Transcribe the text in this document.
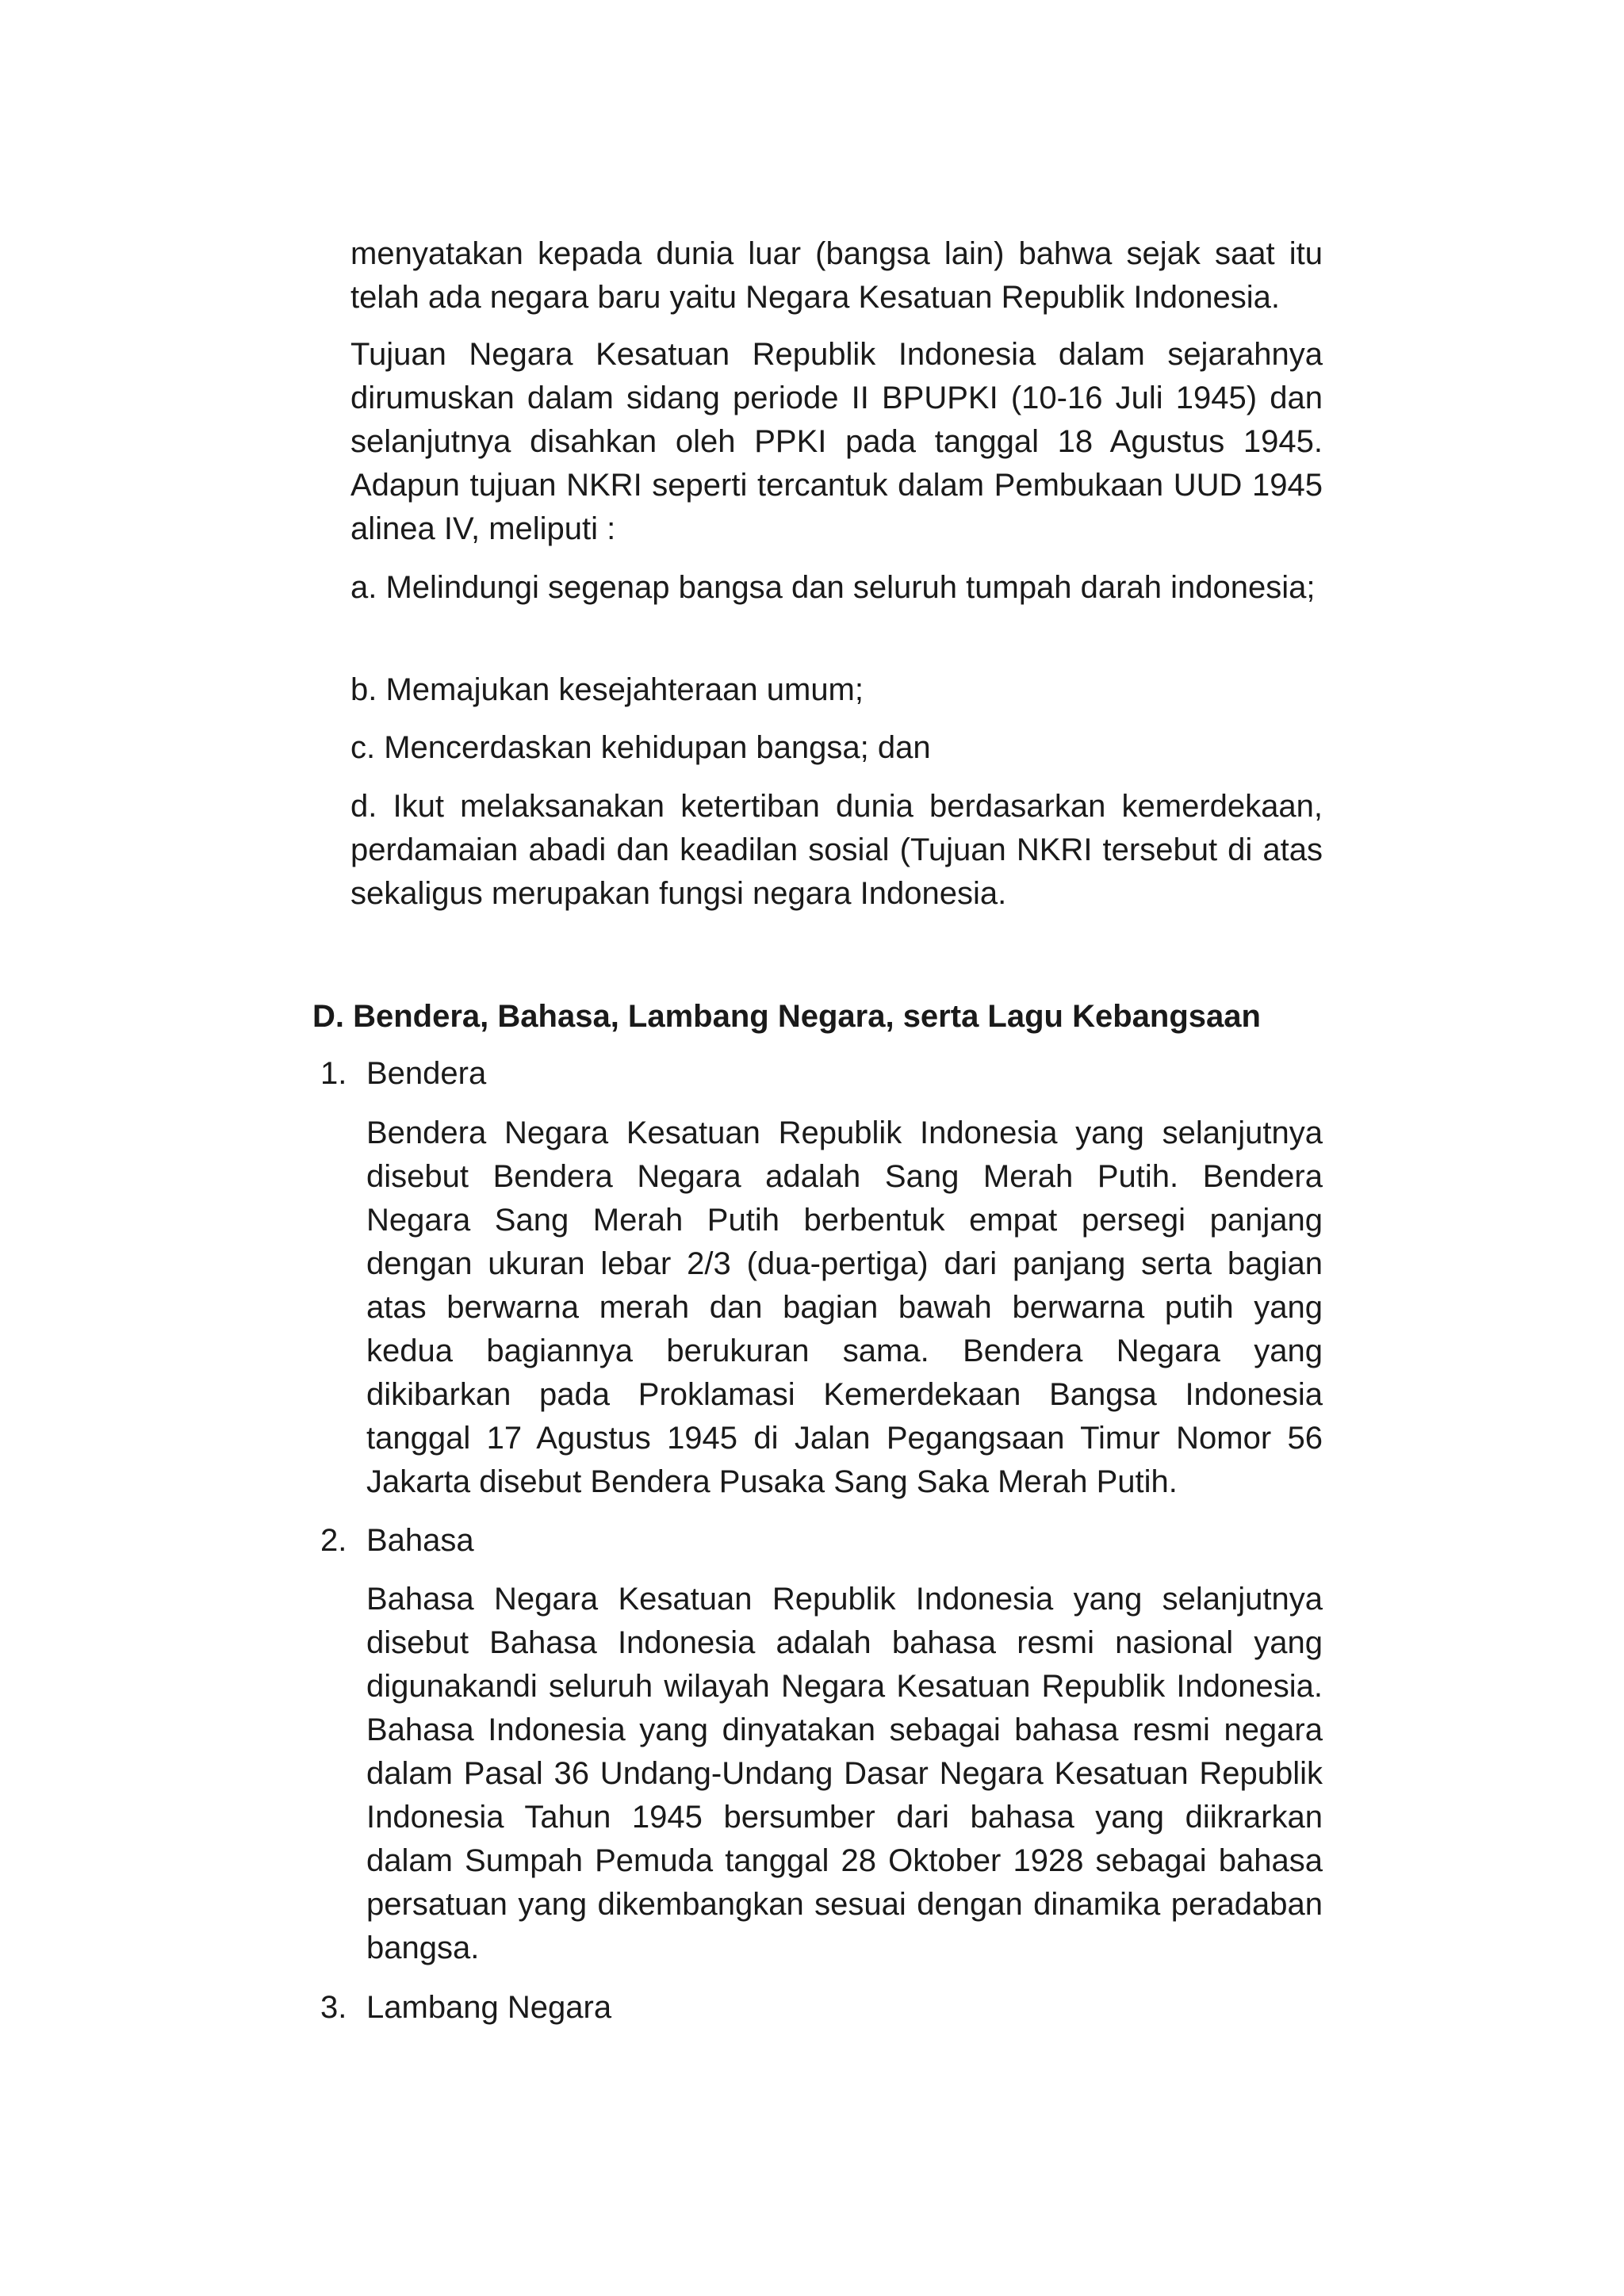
menyatakan kepada dunia luar (bangsa lain) bahwa sejak saat itu telah ada negara baru yaitu Negara Kesatuan Republik Indonesia.

Tujuan Negara Kesatuan Republik Indonesia dalam sejarahnya dirumuskan dalam sidang periode II BPUPKI (10-16 Juli 1945) dan selanjutnya disahkan oleh PPKI pada tanggal 18 Agustus 1945. Adapun tujuan NKRI seperti tercantuk dalam Pembukaan UUD 1945 alinea IV, meliputi :

a. Melindungi segenap bangsa dan seluruh tumpah darah indonesia;

b. Memajukan kesejahteraan umum;

c. Mencerdaskan kehidupan bangsa; dan

d. Ikut melaksanakan ketertiban dunia berdasarkan kemerdekaan, perdamaian abadi dan keadilan sosial (Tujuan NKRI tersebut di atas sekaligus merupakan fungsi negara Indonesia.

D. Bendera, Bahasa, Lambang Negara, serta Lagu Kebangsaan

1. Bendera

Bendera Negara Kesatuan Republik Indonesia yang selanjutnya disebut Bendera Negara adalah Sang Merah Putih. Bendera Negara Sang Merah Putih berbentuk empat persegi panjang dengan ukuran lebar 2/3 (dua-pertiga) dari panjang serta bagian atas berwarna merah dan bagian bawah berwarna putih yang kedua bagiannya berukuran sama. Bendera Negara yang dikibarkan pada Proklamasi Kemerdekaan Bangsa Indonesia tanggal 17 Agustus 1945 di Jalan Pegangsaan Timur Nomor 56 Jakarta disebut Bendera Pusaka Sang Saka Merah Putih.

2. Bahasa

Bahasa Negara Kesatuan Republik Indonesia yang selanjutnya disebut Bahasa Indonesia adalah bahasa resmi nasional yang digunakandi seluruh wilayah Negara Kesatuan Republik Indonesia. Bahasa Indonesia yang dinyatakan sebagai bahasa resmi negara dalam Pasal 36 Undang-Undang Dasar Negara Kesatuan Republik Indonesia Tahun 1945 bersumber dari bahasa yang diikrarkan dalam Sumpah Pemuda tanggal 28 Oktober 1928 sebagai bahasa persatuan yang dikembangkan sesuai dengan dinamika peradaban bangsa.

3. Lambang Negara
